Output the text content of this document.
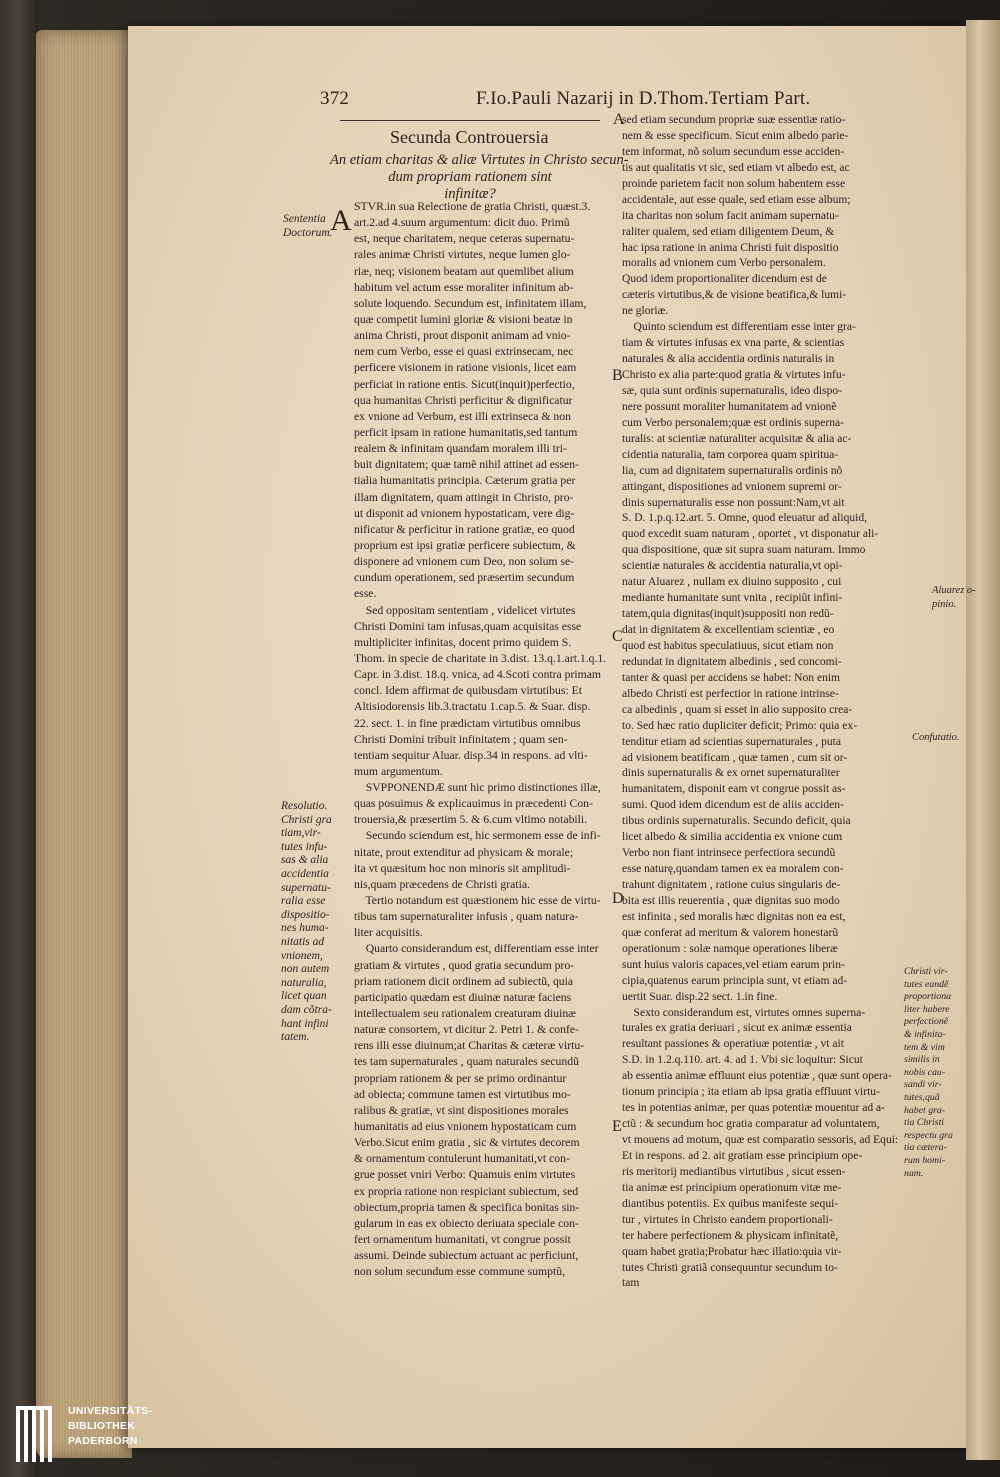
372	F.Io.Pauli Nazarij in D.Thom.Tertiam Part.
Secunda Controuersia
An etiam charitas & aliæ Virtutes in Christo secun-
dum propriam rationem sint
infinitæ?
A STVR.in sua Relectione de gratia Christi, quæst.3.
art.2.ad 4.suum argumentum: dicit duo. Primũ
est, neque charitatem, neque ceteras supernatu-
rales animæ Christi virtutes, neque lumen glo-
riæ, neq; visionem beatam aut quemlibet alium
habitum vel actum esse moraliter infinitum ab-
solute loquendo. Secundum est, infinitatem illam,
quæ competit lumini gloriæ & visioni beatæ in
anima Christi, prout disponit animam ad vnio-
nem cum Verbo, esse ei quasi extrinsecam, nec
perficere visionem in ratione visionis, licet eam
perficiat in ratione entis. Sicut(inquit)perfectio,
qua humanitas Christi perficitur & dignificatur
ex vnione ad Verbum, est illi extrinseca & non
perficit ipsam in ratione humanitatis,sed tantum
realem & infinitam quandam moralem illi tri-
buit dignitatem; quæ tamẽ nihil attinet ad essen-
tialia humanitatis principia. Cæterum gratia per
illam dignitatem, quam attingit in Christo, pro-
ut disponit ad vnionem hypostaticam, vere dig-
nificatur & perficitur in ratione gratiæ, eo quod
proprium est ipsi gratiæ perficere subiectum, &
disponere ad vnionem cum Deo, non solum se-
cundum operationem, sed præsertim secundum
esse.
Sed oppositam sententiam , videlicet virtutes
Christi Domini tam infusas,quam acquisitas esse
multipliciter infinitas, docent primo quidem S.
Thom. in specie de charitate in 3.dist. 13.q.1.art.1.q.1.
Capr. in 3.dist. 18.q. vnica, ad 4.Scoti contra primam
concl. Idem affirmat de quibusdam virtutibus: Et
Altisiodorensis lib.3.tractatu 1.cap.5. & Suar. disp.
22. sect. 1. in fine prædictam virtutibus omnibus
Christi Domini tribuit infinitatem ; quam sen-
tentiam sequitur Aluar. disp.34 in respons. ad vlti-
mum argumentum.
SVPPONENDÆ sunt hic primo distinctiones illæ,
quas posuimus & explicauimus in præcedenti Con-
trouersia,& præsertim 5. & 6.cum vltimo notabili.
Secundo sciendum est, hic sermonem esse de infi-
nitate, prout extenditur ad physicam & morale;
ita vt quæsitum hoc non minoris sit amplitudi-
nis,quam præcedens de Christi gratia.
Tertio notandum est quæstionem hic esse de virtu-
tibus tam supernaturaliter infusis , quam natura-
liter acquisitis.
Quarto considerandum est, differentiam esse inter
gratiam & virtutes , quod gratia secundum pro-
priam rationem dicit ordinem ad subiectũ, quia
participatio quædam est diuinæ naturæ faciens
intellectualem seu rationalem creaturam diuinæ
naturæ consortem, vt dicitur 2. Petri 1. & confe-
rens illi esse diuinum;at Charitas & cæteræ virtu-
tes tam supernaturales , quam naturales secundũ
propriam rationem & per se primo ordinantur
ad obiecta; commune tamen est virtutibus mo-
ralibus & gratiæ, vt sint dispositiones morales
humanitatis ad eius vnionem hypostaticam cum
Verbo.Sicut enim gratia , sic & virtutes decorem
& ornamentum contulerunt humanitati,vt con-
grue posset vniri Verbo: Quamuis enim virtutes
ex propria ratione non respiciant subiectum, sed
obiectum,propria tamen & specifica bonitas sin-
gularum in eas ex obiecto deriuata speciale con-
fert ornamentum humanitati, vt congrue possit
assumi. Deinde subiectum actuant ac perficiunt,
non solum secundum esse commune sumptũ,
sed etiam secundum propriæ suæ essentiæ ratio-
nem & esse specificum. Sicut enim albedo parie-
tem informat, nõ solum secundum esse acciden-
tis aut qualitatis vt sic, sed etiam vt albedo est, ac
proinde parietem facit non solum habentem esse
accidentale, aut esse quale, sed etiam esse album;
ita charitas non solum facit animam supernatu-
raliter qualem, sed etiam diligentem Deum, &
hac ipsa ratione in anima Christi fuit dispositio
moralis ad vnionem cum Verbo personalem.
Quod idem proportionaliter dicendum est de
cæteris virtutibus,& de visione beatifica,& lumi-
ne gloriæ.
Quinto sciendum est differentiam esse inter gra-
tiam & virtutes infusas ex vna parte, & scientias
naturales & alia accidentia ordinis naturalis in
Christo ex alia parte:quod gratia & virtutes infu-
sæ, quia sunt ordinis supernaturalis, ideo dispo-
nere possunt moraliter humanitatem ad vnionẽ
cum Verbo personalem;quæ est ordinis superna-
turalis: at scientiæ naturaliter acquisitæ & alia ac-
cidentia naturalia, tam corporea quam spiritua-
lia, cum ad dignitatem supernaturalis ordinis nõ
attingant, dispositiones ad vnionem supremi or-
dinis supernaturalis esse non possunt:Nam,vt ait
S. D. 1.p.q.12.art. 5. Omne, quod eleuatur ad aliquid,
quod excedit suam naturam , oportet , vt disponatur ali-
qua dispositione, quæ sit supra suam naturam. Immo
scientiæ naturales & accidentia naturalia,vt opi-
natur Aluarez , nullam ex diuino supposito , cui
mediante humanitate sunt vnita , recipiũt infini-
tatem,quia dignitas(inquit)suppositi non redũ-
dat in dignitatem & excellentiam scientiæ , eo
quod est habitus speculatiuus, sicut etiam non
redundat in dignitatem albedinis , sed concomi-
tanter & quasi per accidens se habet: Non enim
albedo Christi est perfectior in ratione intrinse-
ca albedinis , quam si esset in alio supposito crea-
to. Sed hæc ratio dupliciter deficit; Primo: quia ex-
tenditur etiam ad scientias supernaturales , puta
ad visionem beatificam , quæ tamen , cum sit or-
dinis supernaturalis & ex ornet supernaturaliter
humanitatem, disponit eam vt congrue possit as-
sumi. Quod idem dicendum est de aliis acciden-
tibus ordinis supernaturalis. Secundo deficit, quia
licet albedo & similia accidentia ex vnione cum
Verbo non fiant intrinsece perfectiora secundũ
esse naturę,quandam tamen ex ea moralem con-
trahunt dignitatem , ratione cuius singularis de-
bita est illis reuerentia , quæ dignitas suo modo
est infinita , sed moralis hæc dignitas non ea est,
quæ conferat ad meritum & valorem honestarũ
operationum : solæ namque operationes liberæ
sunt huius valoris capaces,vel etiam earum prin-
cipia,quatenus earum principia sunt, vt etiam ad-
uertit Suar. disp.22 sect. 1.in fine.
Sexto considerandum est, virtutes omnes superna-
turales ex gratia deriuari , sicut ex animæ essentia
resultant passiones & operatiuæ potentiæ , vt ait
S.D. in 1.2.q.110. art. 4. ad 1. Vbi sic loquitur: Sicut
ab essentia animæ effluunt eius potentiæ , quæ sunt opera-
tionum principia ; ita etiam ab ipsa gratia effluunt virtu-
tes in potentias animæ, per quas potentiæ mouentur ad a-
ctũ : & secundum hoc gratia comparatur ad voluntatem,
vt mouens ad motum, quæ est comparatio sessoris, ad Equi:
Et in respons. ad 2. ait gratiam esse principium ope-
ris meritorij mediantibus virtutibus , sicut essen-
tia animæ est principium operationum vitæ me-
diantibus potentiis. Ex quibus manifeste sequi-
tur , virtutes in Christo eandem proportionali-
ter habere perfectionem & physicam infinitatẽ,
quam habet gratia;Probatur hæc illatio:quia vir-
tutes Christi gratiã consequuntur secundum to-
tam
Sententia
Doctorum.
Resolutio.
Christi gra
tiam,vir-
tutes infu-
sas & alia
accidentia
supernatu-
ralia esse
dispositio-
nes huma-
nitatis ad
vnionem,
non autem
naturalia,
licet quan
dam cõtra-
hant infini
tatem.
Aluarez o-
pinio.
Confutatio.
Christi vir-
tutes eandẽ
proportiona
liter habere
perfectionẽ
& infinita-
tem & vim
similis in
nobis cau-
sandi vir-
tutes,quã
habet gra-
tia Christi
respectu gra
tia cætera-
rum homi-
num.
A
B
C
D
E
UNIVERSITÄTS-
BIBLIOTHEK
PADERBORN
